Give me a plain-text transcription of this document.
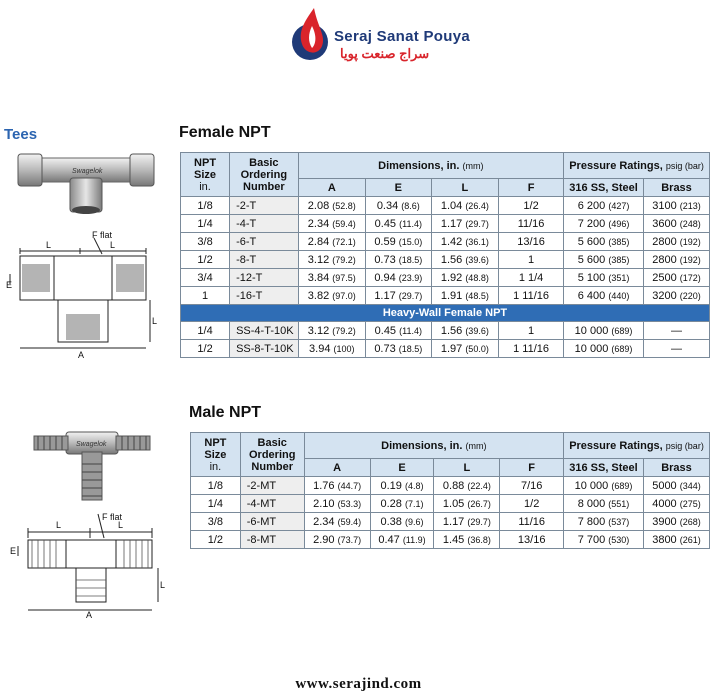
Seraj Sanat Pouya
سراج صنعت پویا
Tees	Female NPT
Male NPT
Swagelok
F flat
L	L
E
L
A
Swagelok
F flat
L	L
E
L
A
NPT
Size
in.	Basic
Ordering
Number	Dimensions, in. (mm)				Pressure Ratings, psig (bar)	
		A	E	L	F	316 SS, Steel	Brass
1/8	-2-T	2.08 (52.8)	0.34 (8.6)	1.04 (26.4)	1/2	6 200 (427)	3100 (213)
1/4	-4-T	2.34 (59.4)	0.45 (11.4)	1.17 (29.7)	11/16	7 200 (496)	3600 (248)
3/8	-6-T	2.84 (72.1)	0.59 (15.0)	1.42 (36.1)	13/16	5 600 (385)	2800 (192)
1/2	-8-T	3.12 (79.2)	0.73 (18.5)	1.56 (39.6)	1	5 600 (385)	2800 (192)
3/4	-12-T	3.84 (97.5)	0.94 (23.9)	1.92 (48.8)	1 1/4	5 100 (351)	2500 (172)
1	-16-T	3.82 (97.0)	1.17 (29.7)	1.91 (48.5)	1 11/16	6 400 (440)	3200 (220)
Heavy-Wall Female NPT							
1/4	SS-4-T-10K	3.12 (79.2)	0.45 (11.4)	1.56 (39.6)	1	10 000 (689)	—
1/2	SS-8-T-10K	3.94 (100)	0.73 (18.5)	1.97 (50.0)	1 11/16	10 000 (689)	—
NPT
Size
in.	Basic
Ordering
Number	Dimensions, in. (mm)				Pressure Ratings, psig (bar)	
		A	E	L	F	316 SS, Steel	Brass
1/8	-2-MT	1.76 (44.7)	0.19 (4.8)	0.88 (22.4)	7/16	10 000 (689)	5000 (344)
1/4	-4-MT	2.10 (53.3)	0.28 (7.1)	1.05 (26.7)	1/2	8 000 (551)	4000 (275)
3/8	-6-MT	2.34 (59.4)	0.38 (9.6)	1.17 (29.7)	11/16	7 800 (537)	3900 (268)
1/2	-8-MT	2.90 (73.7)	0.47 (11.9)	1.45 (36.8)	13/16	7 700 (530)	3800 (261)
www.serajind.com
